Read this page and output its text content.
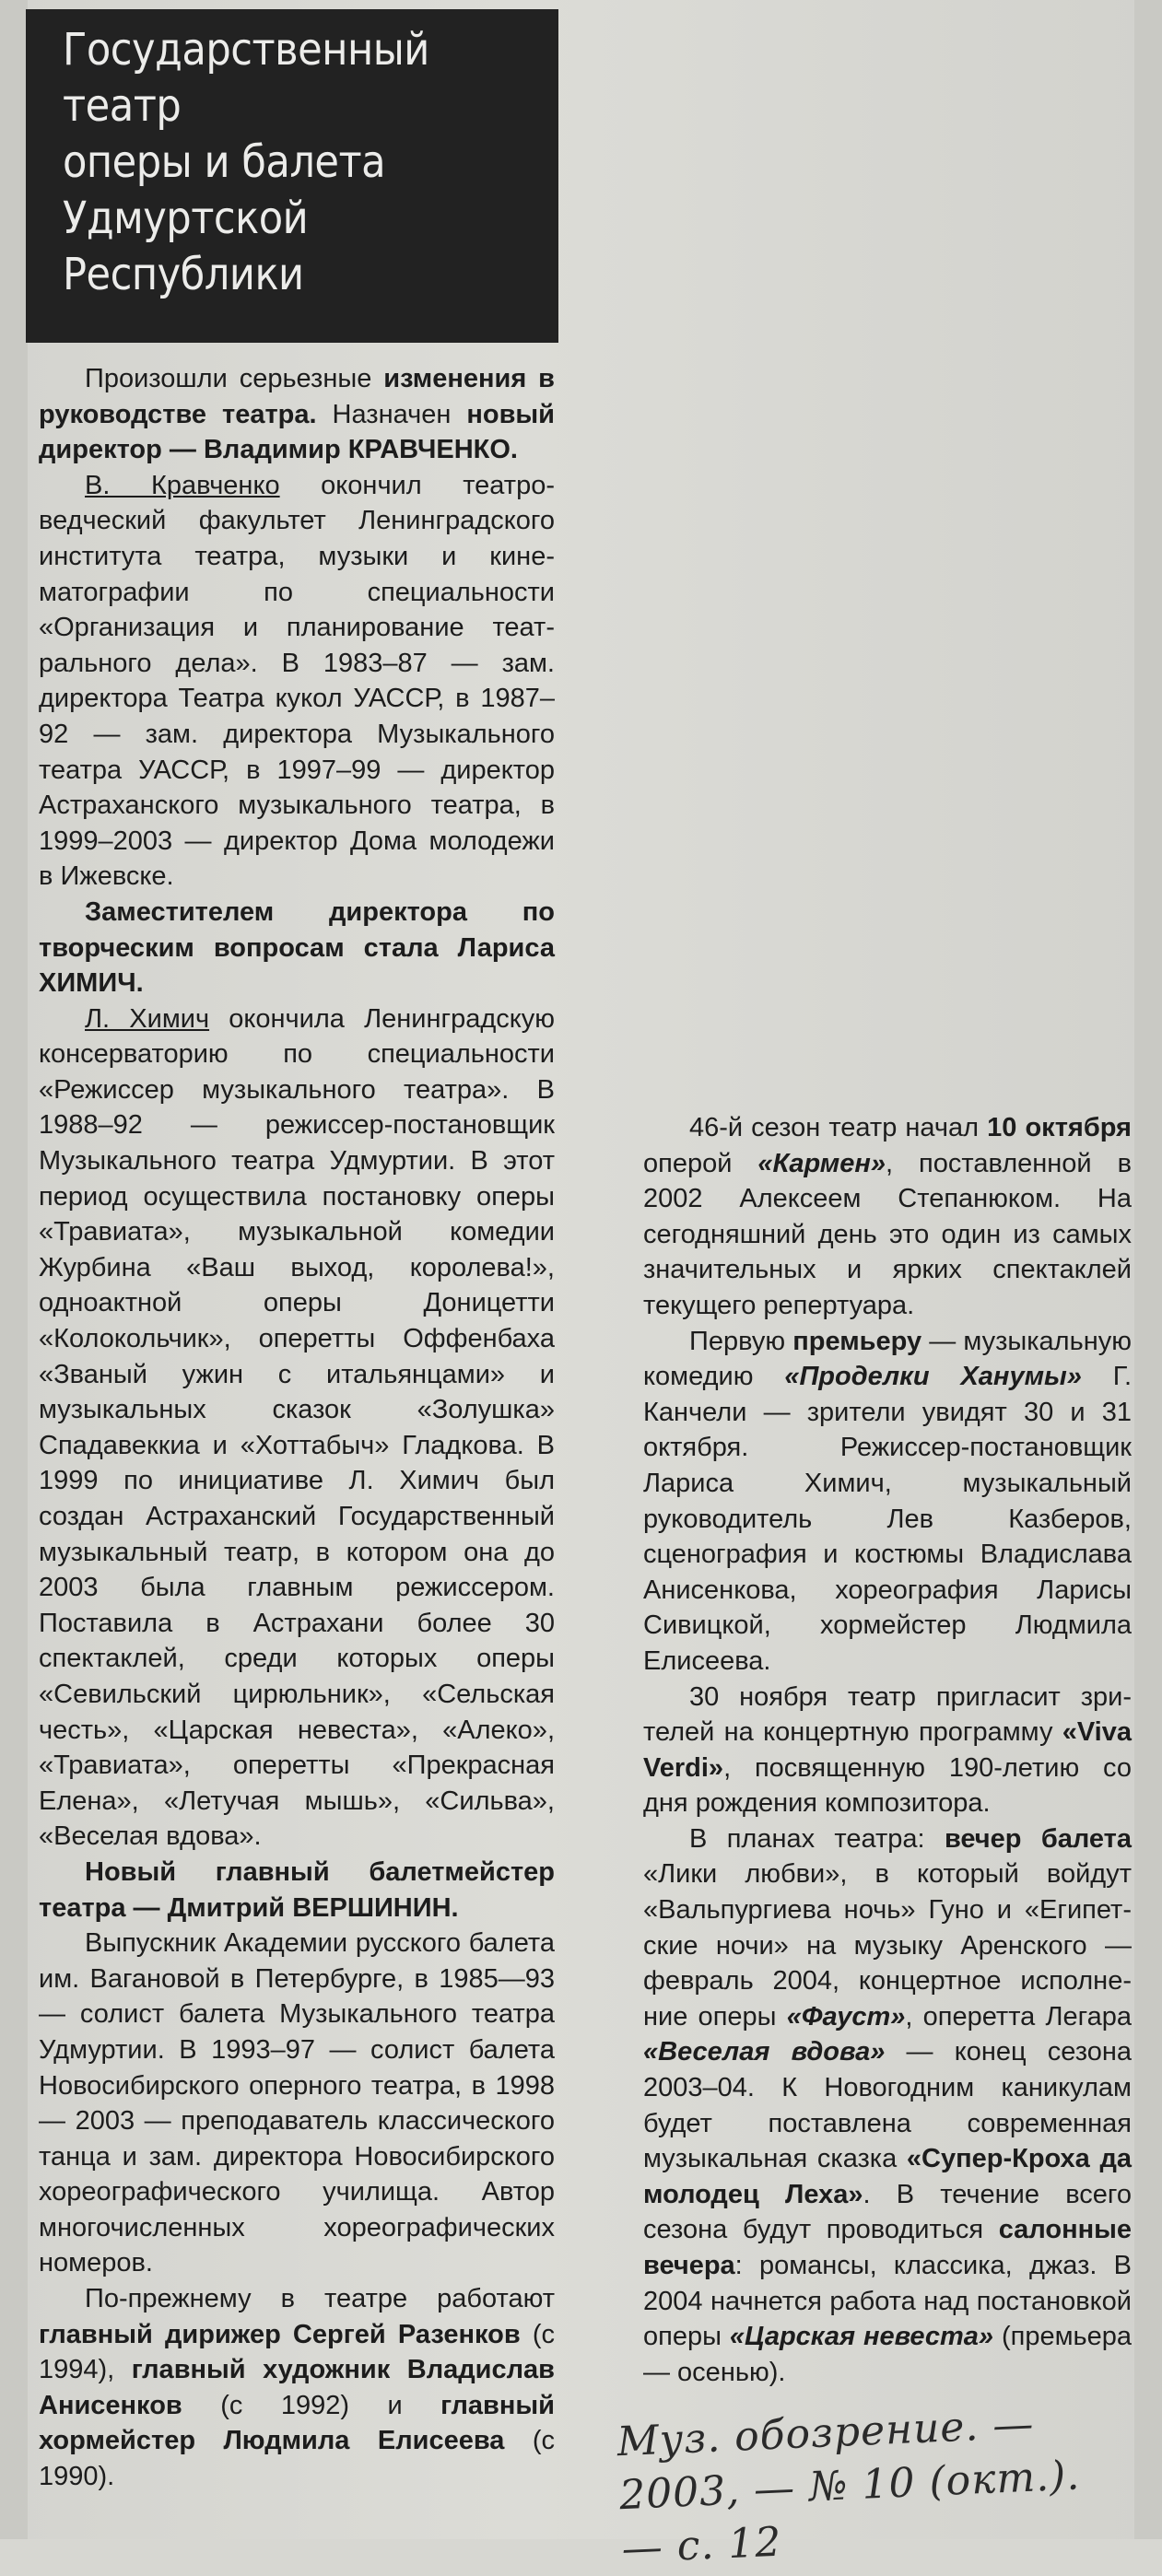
Государственный
театр
оперы и балета
Удмуртской
Республики

Произошли серьезные изменения в руководстве театра. Назначен новый директор — Владимир КРАВЧЕНКО.

В. Кравченко окончил театроведческий факультет Ленинградского института театра, музыки и кинематографии по специальности «Организация и планирование театрального дела». В 1983–87 — зам. директора Театра кукол УАССР, в 1987–92 — зам. директора Музыкального театра УАССР, в 1997–99 — директор Астраханского музыкального театра, в 1999–2003 — директор Дома молодежи в Ижевске.

Заместителем директора по творческим вопросам стала Лариса ХИМИЧ.

Л. Химич окончила Ленинградскую консерваторию по специальности «Режиссер музыкального театра». В 1988–92 — режиссер-постановщик Музыкального театра Удмуртии. В этот период осуществила постановку оперы «Травиата», музыкальной комедии Журбина «Ваш выход, королева!», одноактной оперы Доницетти «Колокольчик», оперетты Оффенбаха «Званый ужин с итальянцами» и музыкальных сказок «Золушка» Спадавеккиа и «Хоттабыч» Гладкова. В 1999 по инициативе Л. Химич был создан Астраханский Государственный музыкальный театр, в котором она до 2003 была главным режиссером. Поставила в Астрахани более 30 спектаклей, среди которых оперы «Севильский цирюльник», «Сельская честь», «Царская невеста», «Алеко», «Травиата», оперетты «Прекрасная Елена», «Летучая мышь», «Сильва», «Веселая вдова».

Новый главный балетмейстер театра — Дмитрий ВЕРШИНИН.

Выпускник Академии русского балета им. Вагановой в Петербурге, в 1985—93 — солист балета Музыкального театра Удмуртии. В 1993–97 — солист балета Новосибирского оперного театра, в 1998— 2003 — преподаватель классического танца и зам. директора Новосибирского хореографического училища. Автор многочисленных хореографических номеров.

По-прежнему в театре работают главный дирижер Сергей Разенков (с 1994), главный художник Владислав Анисенков (с 1992) и главный хормейстер Людмила Елисеева (с 1990).

46-й сезон театр начал 10 октября оперой «Кармен», поставленной в 2002 Алексеем Степанюком. На сегодняшний день это один из самых значительных и ярких спектаклей текущего репертуара.

Первую премьеру — музыкальную комедию «Проделки Ханумы» Г. Канчели — зрители увидят 30 и 31 октября. Режиссер-постановщик Лариса Химич, музыкальный руководитель Лев Казберов, сценография и костюмы Владислава Анисенкова, хореография Ларисы Сивицкой, хормейстер Людмила Елисеева.

30 ноября театр пригласит зрителей на концертную программу «Viva Verdi», посвященную 190-летию со дня рождения композитора.

В планах театра: вечер балета «Лики любви», в который войдут «Вальпургиева ночь» Гуно и «Египетские ночи» на музыку Аренского — февраль 2004, концертное исполнение оперы «Фауст», оперетта Легара «Веселая вдова» — конец сезона 2003–04. К Новогодним каникулам будет поставлена современная музыкальная сказка «Супер-Кроха да молодец Леха». В течение всего сезона будут проводиться салонные вечера: романсы, классика, джаз. В 2004 начнется работа над постановкой оперы «Царская невеста» (премьера — осенью).

Муз. обозрение. —
2003, — № 10 (окт.). — с. 12
